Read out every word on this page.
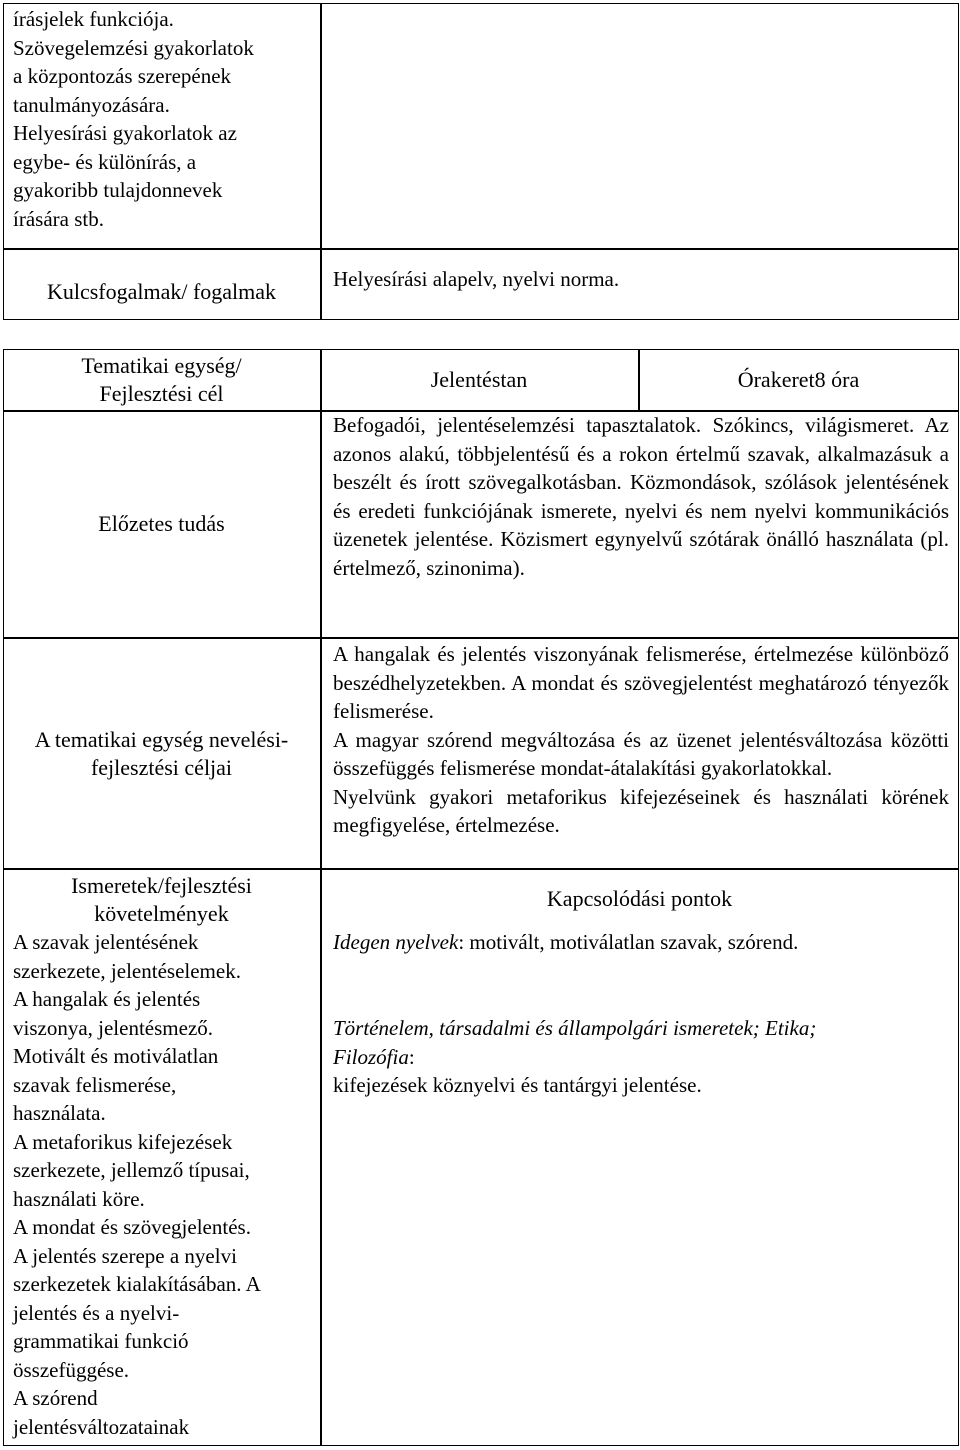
írásjelek funkciója.

Szövegelemzési gyakorlatok

a központozás szerepének

tanulmányozására.

Helyesírási gyakorlatok az

egybe- és különírás, a

gyakoribb tulajdonnevek

írására stb.

Kulcsfogalmak/ fogalmak	Helyesírási alapelv, nyelvi norma.

Tematikai egység/

Fejlesztési cél

Jelentéstan	Órakeret8 óra
Előzetes tudás

Befogadói, jelentéselemzési tapasztalatok. Szókincs, világismeret. Az azonos alakú, többjelentésű és a rokon értelmű szavak, alkalmazásuk a beszélt és írott szövegalkotásban. Közmondások, szólások jelentésének és eredeti funkciójának ismerete, nyelvi és nem nyelvi kommunikációs üzenetek jelentése. Közismert egynyelvű szótárak önálló használata (pl. értelmező, szinonima).

A tematikai egység nevelési-

fejlesztési céljai

A hangalak és jelentés viszonyának felismerése, értelmezése különböző beszédhelyzetekben. A mondat és szövegjelentést meghatározó tényezők felismerése.

A magyar szórend megváltozása és az üzenet jelentésváltozása közötti összefüggés felismerése mondat-átalakítási gyakorlatokkal.

Nyelvünk gyakori metaforikus kifejezéseinek és használati körének megfigyelése, értelmezése.

Ismeretek/fejlesztési

követelmények

Kapcsolódási pontok

A szavak jelentésének

szerkezete, jelentéselemek.

A hangalak és jelentés

viszonya, jelentésmező.

Motivált és motiválatlan

szavak felismerése,

használata.

A metaforikus kifejezések

szerkezete, jellemző típusai,

használati köre.

A mondat és szövegjelentés.

A jelentés szerepe a nyelvi

szerkezetek kialakításában. A

jelentés és a nyelvi-

grammatikai funkció

összefüggése.

A szórend

jelentésváltozatainak

Idegen nyelvek: motivált, motiválatlan szavak, szórend.

Történelem, társadalmi és állampolgári ismeretek; Etika;

Filozófia:

kifejezések köznyelvi és tantárgyi jelentése.
